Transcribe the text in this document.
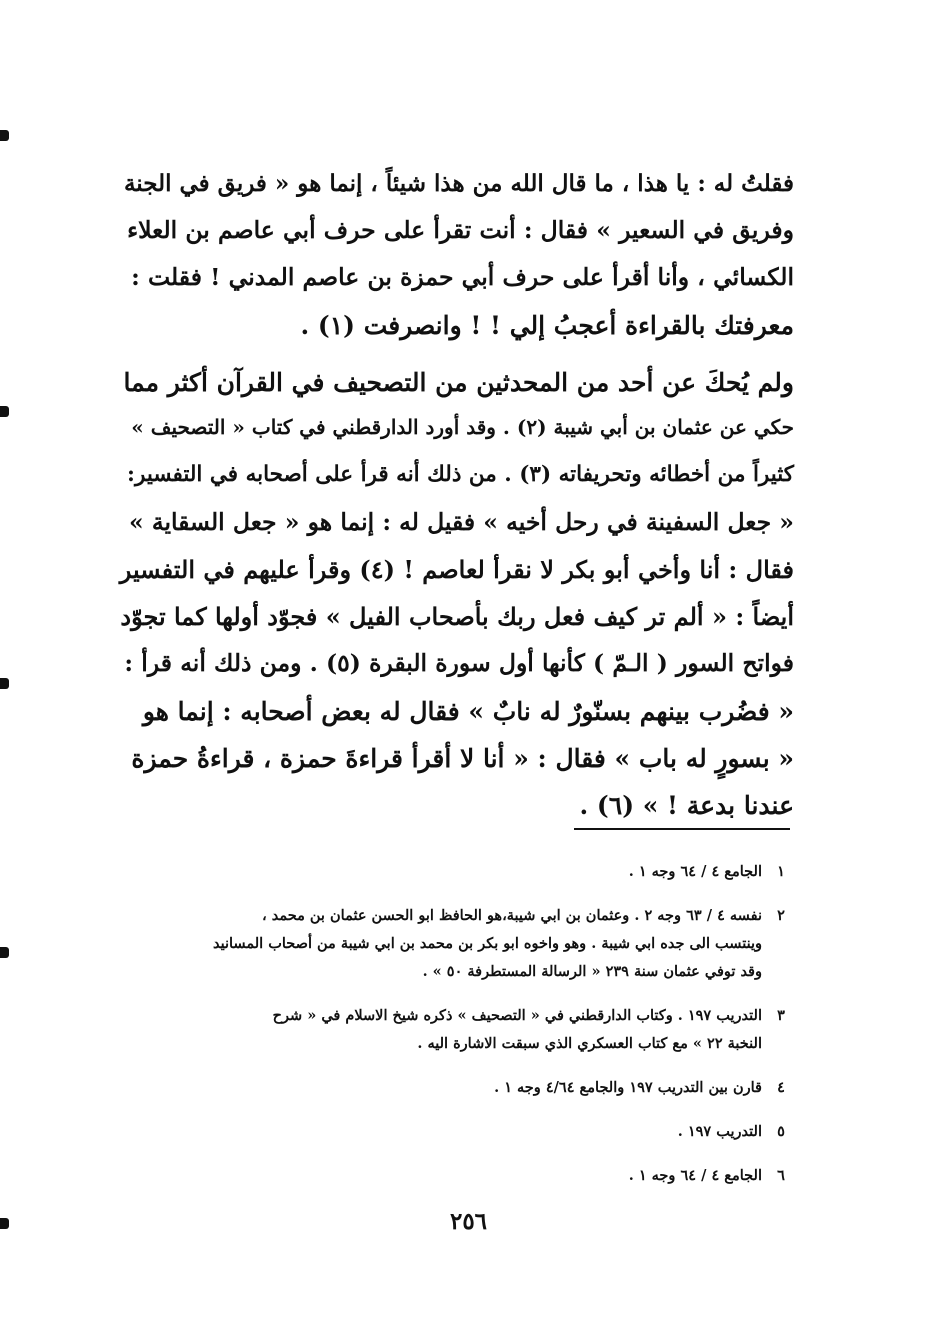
فقلتُ له : يا هذا ، ما قال الله من هذا شيئاً ، إنما هو « فريق في الجنة
وفريق في السعير » فقال : أنت تقرأ على حرف أبي عاصم بن العلاء
الكسائي ، وأنا أقرأ على حرف أبي حمزة بن عاصم المدني ! فقلت :
معرفتك بالقراءة أعجبُ إلي ! ! وانصرفت (١) .
ولم يُحكَ عن أحد من المحدثين من التصحيف في القرآن أكثر مما
حكي عن عثمان بن أبي شيبة (٢) . وقد أورد الدارقطني في كتاب « التصحيف »
كثيراً من أخطائه وتحريفاته (٣) . من ذلك أنه قرأ على أصحابه في التفسير:
« جعل السفينة في رحل أخيه » فقيل له : إنما هو « جعل السقاية »
فقال : أنا وأخي أبو بكر لا نقرأ لعاصم ! (٤) وقرأ عليهم في التفسير
أيضاً : « ألم تر كيف فعل ربك بأصحاب الفيل » فجوّد أولها كما تجوّد
فواتح السور ( الـمّ ) كأنها أول سورة البقرة (٥) . ومن ذلك أنه قرأ :
« فضُرب بينهم بسنّورٌ له نابٌ » فقال له بعض أصحابه : إنما هو
« بسورٍ له باب » فقال : « أنا لا أقرأ قراءةَ حمزة ، قراءةُ حمزة
عندنا بدعة ! » (٦) .
١
الجامع ٤ / ٦٤ وجه ١ .
٢
نفسه ٤ / ٦٣ وجه ٢ . وعثمان بن ابي شيبة،هو الحافظ ابو الحسن عثمان بن محمد ،
وينتسب الى جده ابي شيبة . وهو واخوه ابو بكر بن محمد بن ابي شيبة من أصحاب المسانيد
وقد توفي عثمان سنة ٢٣٩ « الرسالة المستطرفة ٥٠ » .
٣
التدريب ١٩٧ . وكتاب الدارقطني في « التصحيف » ذكره شيخ الاسلام في « شرح
النخبة ٢٢ » مع كتاب العسكري الذي سبقت الاشارة اليه .
٤
قارن بين التدريب ١٩٧ والجامع ٤/٦٤ وجه ١ .
٥
التدريب ١٩٧ .
٦
الجامع ٤ / ٦٤ وجه ١ .
٢٥٦
